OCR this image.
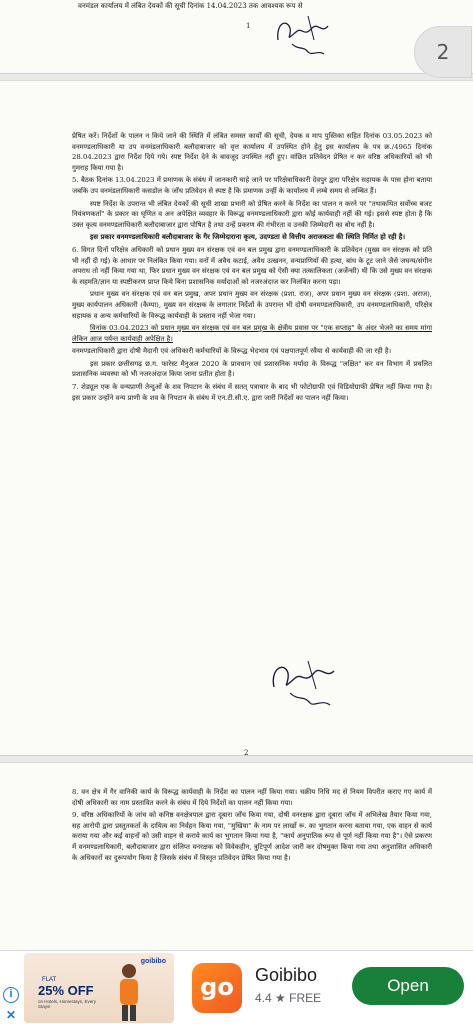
वनमंडल कार्यालय में लंबित देयकों की सूची दिनांक 14.04.2023 तक आवश्यक रूप से
1
2

प्रेषित करें। निर्देशों के पालन न किये जाने की स्थिति में लंबित समस्त कार्यों की सूची, देयक व माप पुस्तिका सहित दिनांक 03.05.2023 को वनमण्डलाधिकारी या उप वनमंडलाधिकारी बलौदाबाजार को वृत्त कार्यालय में उपस्थित होने हेतु इस कार्यालय के पत्र क्र./4965 दिनांक 28.04.2023 द्वारा निर्देश दिये गये। स्पष्ट निर्देश देने के बावजूद उपस्थित नहीं हुए। वांछित प्रतिवेदन प्रेषित न कर वरिष्ठ अधिकारियों को भी गुमराह किया गया है।

5. बैठक दिनांक 13.04.2023 में प्रमाणक के संबंध में जानकारी चाहे जाने पर परिक्षेत्राधिकारी देवपुर द्वारा परिक्षेत्र सहायक के पास होना बताया जबकि उप वनमंडलाधिकारी कसडोल के जाँच प्रतिवेदन से स्पष्ट है कि प्रमाणक उन्हीं के कार्यालय में लम्बे समय से लम्बित हैं।

स्पष्ट निर्देश के उपरान्त भी लंबित देयकों की सूची शाखा प्रभारी को प्रेषित करने के निर्देश का पालन न करने पर "तथाकथित सर्वोच्च बजट नियंत्रणकर्ता" के प्रकार का घृणित व अन अपेक्षित व्यवहार के विरूद्ध वनमण्डलाधिकारी द्वारा कोई कार्यवाही नहीं की गई। इससे स्पष्ट होता है कि उक्त कृत्य वनमण्डलाधिकारी बलौदाबाजार द्वारा पोषित है तथा उन्हें प्रकरण की गंभीरता व उनकी जिम्मेदारी का बोध नहीं है।

इस प्रकार वनमण्डलाधिकारी बलौदाबाजार के गैर जिम्मेदाराना कृत्य, उदण्डता से वित्तीय अराजकता की स्थिति निर्मित हो रही है।

6. विगत दिनों परिक्षेत्र अधिकारी को प्रधान मुख्य वन संरक्षक एवं वन बल प्रमुख द्वारा वनमण्डलाधिकारी के प्रतिवेदन (मुख्य वन संरक्षक को प्रति भी नहीं दी गई) के आधार पर निलंबित किया गया। वनों में अवैध कटाई, अवैध उत्खनन, वन्यप्राणियों की हत्या, बांध के टूट जाने जैसे जघन्य/संगीन अपराध तो नहीं किया गया था, फिर प्रधान मुख्य वन संरक्षक एवं वन बल प्रमुख को ऐसी क्या तत्कालिकता (अर्जेन्सी) थी कि उसे मुख्य वन संरक्षक के सहमति/ज्ञान या स्पष्टीकरण प्राप्त किये बिना प्रशासनिक मर्यादाओं को नजरअंदाज कर निलंबित करना पड़ा।

प्रधान मुख्य वन संरक्षक एवं वन बल प्रमुख, अपर प्रधान मुख्य वन संरक्षक (प्रशा. राज), अपर प्रधान मुख्य वन संरक्षक (प्रशा. अराज), मुख्य कार्यपालन अधिकारी (कैम्पा), मुख्य वन संरक्षक के लगातार निर्देशों के उपरान्त भी दोषी वनमण्डलाधिकारी, उप वनमण्डलाधिकारी, परिक्षेत्र सहायक व अन्य कर्मचारियों के विरूद्ध कार्यवाही के प्रस्ताव नहीं भेजा गया।

विनांक 03.04.2023 को प्रधान मुख्य वन संरक्षक एवं वन बल प्रमुख के क्षेत्रीय प्रवास पर "एक सप्ताह" के अंदर भेजने का समय मांगा लेकिन आज पर्यन्त कार्यवाही अपेक्षित है।

वनमण्डलाधिकारी द्वारा दोषी मैदानी एवं अधिकारी कर्मचारियों के विरूद्ध भेदभाव एवं पक्षपातपूर्ण रवैया से कार्यवाही की जा रही है।

इस प्रकार छत्तीसगढ़ छ.ग. फारेस्ट मैनुअल 2020 के प्रावधान एवं प्रशासनिक मर्यादा के विरूद्ध "लक्षित" कर वन विभाग में प्रचलित प्रशासनिक व्यवस्था को भी नजरअंदाज किया जाना प्रतीत होता है।

7. शेड्यूल एक के वन्यप्राणी तेन्दुओं के शव निपटान के संबंध में सतत् पत्राचार के बाद भी फोटोग्राफी एवं विडियोग्राफी प्रेषित नहीं किया गया है। इस प्रकार उन्होंने वन्य प्राणी के शव के निपटान के संबंध में एन.टी.सी.ए. द्वारा जारी निर्देशों का पालन नहीं किया।

2

8. वन क्षेत्र में गैर वानिकी कार्य के विरूद्ध कार्यवाही के निर्देश का पालन नहीं किया गया। चक्रीय निधि मद से नियम विपरीत कराए गए कार्य में दोषी अधिकारी का नाम प्रस्तावित करने के संबंध में दिये निर्देशों का पालन नहीं किया गया।

9. वरिष्ठ अधिकारियों के जांच को कनिष्ठ वनक्षेत्रपाल द्वारा दूबारा जाँच किया गया, दोषी वनरक्षक द्वारा दूबारा जाँच में अभिलेख तैयार किया गया, सह आरोपी द्वारा प्रस्तुतकर्ता के दायित्व का निर्वहन किया गया, "मुखिया" के नाम पर लाखों रू. का भुगतान करना बताया गया, एक वाहन से कार्य कराया गया और कई वाहनों को उसी वाहन से कराये कार्य का भुगतान किया गया है, "कार्य अनुपातिक रूप से पूर्ण नहीं किया गया है"। ऐसे प्रकरण में वनमण्डलाधिकारी, बलौदाबाजार द्वारा संलिप्त वनरक्षक को विवेकहीन, त्रुटिपूर्ण आदेश जारी कर दोषमुक्त किया गया तथा अनुशासित अधिकारी के अधिकारों का दुरूपयोग किया है जिसके संबंध में विस्तृत प्रतिवेदन प्रेषित किया गया है।

i
✕
goibibo
FLAT
25% OFF
on Hotels, Homestays, Every Stays!
go	Goibibo
4.4 ★ FREE
Open
